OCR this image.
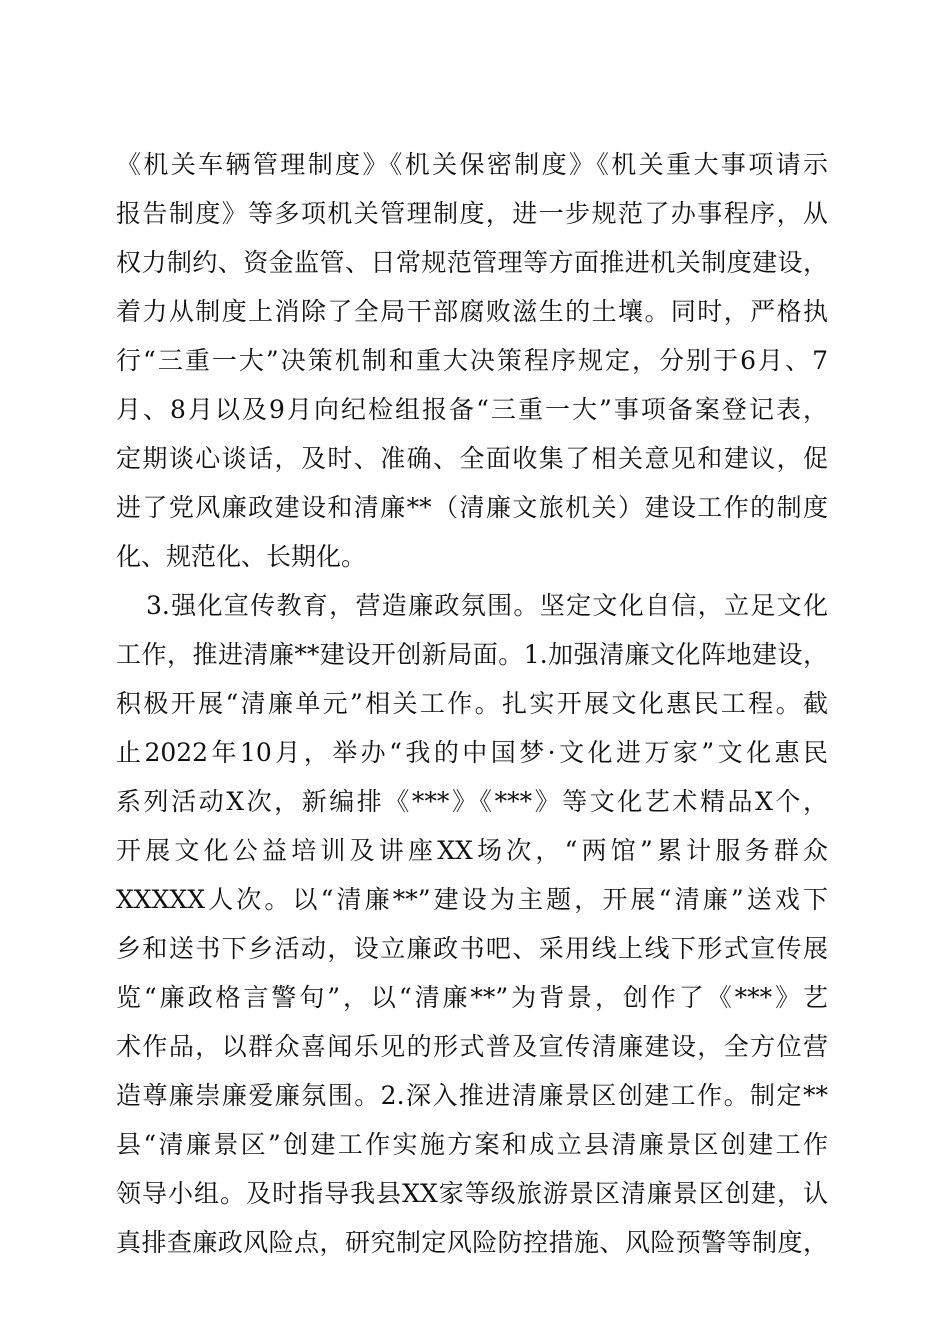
《机关车辆管理制度》《机关保密制度》《机关重大事项请示
报告制度》等多项机关管理制度，进一步规范了办事程序，从
权力制约、资金监管、日常规范管理等方面推进机关制度建设，
着力从制度上消除了全局干部腐败滋生的土壤。同时，严格执
行“三重一大”决策机制和重大决策程序规定，分别于6月、7
月、8月以及9月向纪检组报备“三重一大”事项备案登记表，
定期谈心谈话，及时、准确、全面收集了相关意见和建议，促
进了党风廉政建设和清廉**（清廉文旅机关）建设工作的制度
化、规范化、长期化。
3.强化宣传教育，营造廉政氛围。坚定文化自信，立足文化
工作，推进清廉**建设开创新局面。1.加强清廉文化阵地建设，
积极开展“清廉单元”相关工作。扎实开展文化惠民工程。截
止2022年10月，举办“我的中国梦·文化进万家”文化惠民
系列活动X次，新编排《***》《***》等文化艺术精品X个，
开展文化公益培训及讲座XX场次，“两馆”累计服务群众
XXXXX人次。以“清廉**”建设为主题，开展“清廉”送戏下
乡和送书下乡活动，设立廉政书吧、采用线上线下形式宣传展
览“廉政格言警句”，以“清廉**”为背景，创作了《***》艺
术作品，以群众喜闻乐见的形式普及宣传清廉建设，全方位营
造尊廉崇廉爱廉氛围。2.深入推进清廉景区创建工作。制定**
县“清廉景区”创建工作实施方案和成立县清廉景区创建工作
领导小组。及时指导我县XX家等级旅游景区清廉景区创建，认
真排查廉政风险点，研究制定风险防控措施、风险预警等制度，
